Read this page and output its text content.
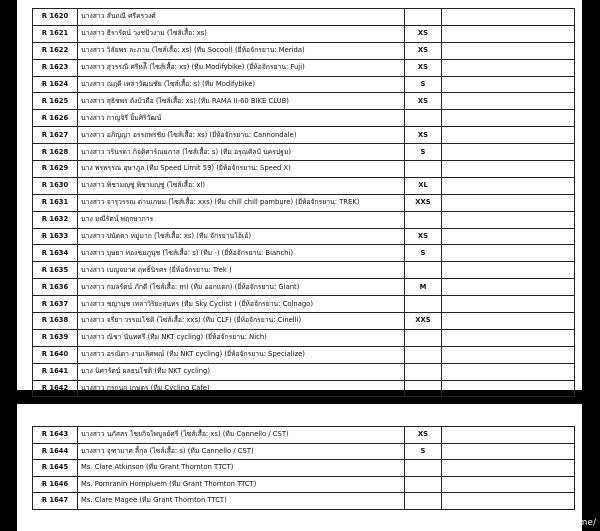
R 1620	นางสาว สันถณี ศรีครวงศ์		
R 1621	นางสาว ธีรารัตน์ วงช่ปัวงาม (ไซส์เสื้อ: xs)	XS	
R 1622	นางสาว วิลัยพร ละภาม (ไซส์เสื้อ: xs) (ทีม Socool) (ยี่ห้อจักรยาน: Merida)	XS	
R 1623	นางสาว สุวรรณี ศรีหล้ี (ไซส์เสื้อ: xs) (ทีม Modifybike) (ยี่ห้อจักรยาน: Fuji)	XS	
R 1624	นางสาว ณฤดี เหล่าวัฒนชัย (ไซส์เสื้อ: s) (ทีม Modifybike)	S	
R 1625	นางสาว สุธิชพร ถังบัวถือ (ไซส์เสื้อ: xs) (ทีม RAMA II-60 BIKE CLUB)	XS	
R 1626	นางสาว กาญจิรี ยิ้มศิริวัฒน์		
R 1627	นางสาว อภิญญา อรรถพรชัย (ไซส์เสื้อ: xs) (ยี่ห้อจักรยาน: Cannondale)	XS	
R 1628	นางสาว วรินรดา กิจติศาร์ณยภาส (ไซส์เสื้อ: s) (ทีม อรุณศิลป์ นครปฐม)	S	
R 1629	นาง พรพรรณ อุษาภูล (ทีม Speed Limit 59) (ยี่ห้อจักรยาน: Speed X)		
R 1630	นางสาว พิชามญุชู่ พิชามญุชู่ (ไซส์เสื้อ: xl)	XL	
R 1631	นางสาว จารุวรรณ ด่านเกษม (ไซส์เสื้อ: xxs) (ทีม chill chill pambure) (ยี่ห้อจักรยาน: TREK)	XXS	
R 1632	นาง มณีรัตน์ พฤกษาการ		
R 1633	นางสาว ปนัดดา หมู่มาก (ไซส์เสื้อ: xs) (ทีม จักรยานโอ้เอ้)	XS	
R 1634	นางสาว บุษยา ทองชมภูนุช (ไซส์เสื้อ: s) (ทีม -) (ยี่ห้อจักรยาน: Bianchi)	S	
R 1635	นางสาว เบญจมาศ ฤทธิ์นิรศร (ยี่ห้อจักรยาน: Trek )		
R 1636	นางสาว กมลรัตน์ ภักดี (ไซส์เสื้อ: m) (ทีม ออกแตก) (ยี่ห้อจักรยาน: Giant)	M	
R 1637	นางสาว ชญานุช เหล่าวิริยะสุนทร (ทีม Sky Cyclist ) (ยี่ห้อจักรยาน: Colnago)		
R 1638	นางสาว จรียา วรรณโชติ (ไซส์เสื้อ: xxs) (ทีม CLF) (ยี่ห้อจักรยาน: Cinelli)	XXS	
R 1639	นางสาว ณิชา นันทศรี (ทีม NKT cycling) (ยี่ห้อจักรยาน: Nich)		
R 1640	นางสาว อรณิดา งามเลิศพณ์ (ทีม NKT cycling) (ยี่ห้อจักรยาน: Specialize)		
R 1641	นาง นิศารัตน์ ผลธนโชติ (ทีม NKT cycling)		
R 1642	นางสาว กรกนก เกษุตร (ทีม Cycling Cafe)		
R 1643	นางสาว นภัสสร ไชยกิจไพบูลย์ศรี (ไซส์เสื้อ: xs) (ทีม Cannello / CST)	XS	
R 1644	นางสาว จุฑามาศ ลี้กุล (ไซส์เสื้อ: s) (ทีม Cannello / CST)	S	
R 1645	Ms. Clare Atkinson (ทีม Grant Thornton TTCT)		
R 1646	Ms. Pornranin Hornpluem (ทีม Grant Thornton TTCT)		
R 1647	Ms. Clare Magee (ทีม Grant Thornton TTCT)		
[1080x922] http://upic.me/
